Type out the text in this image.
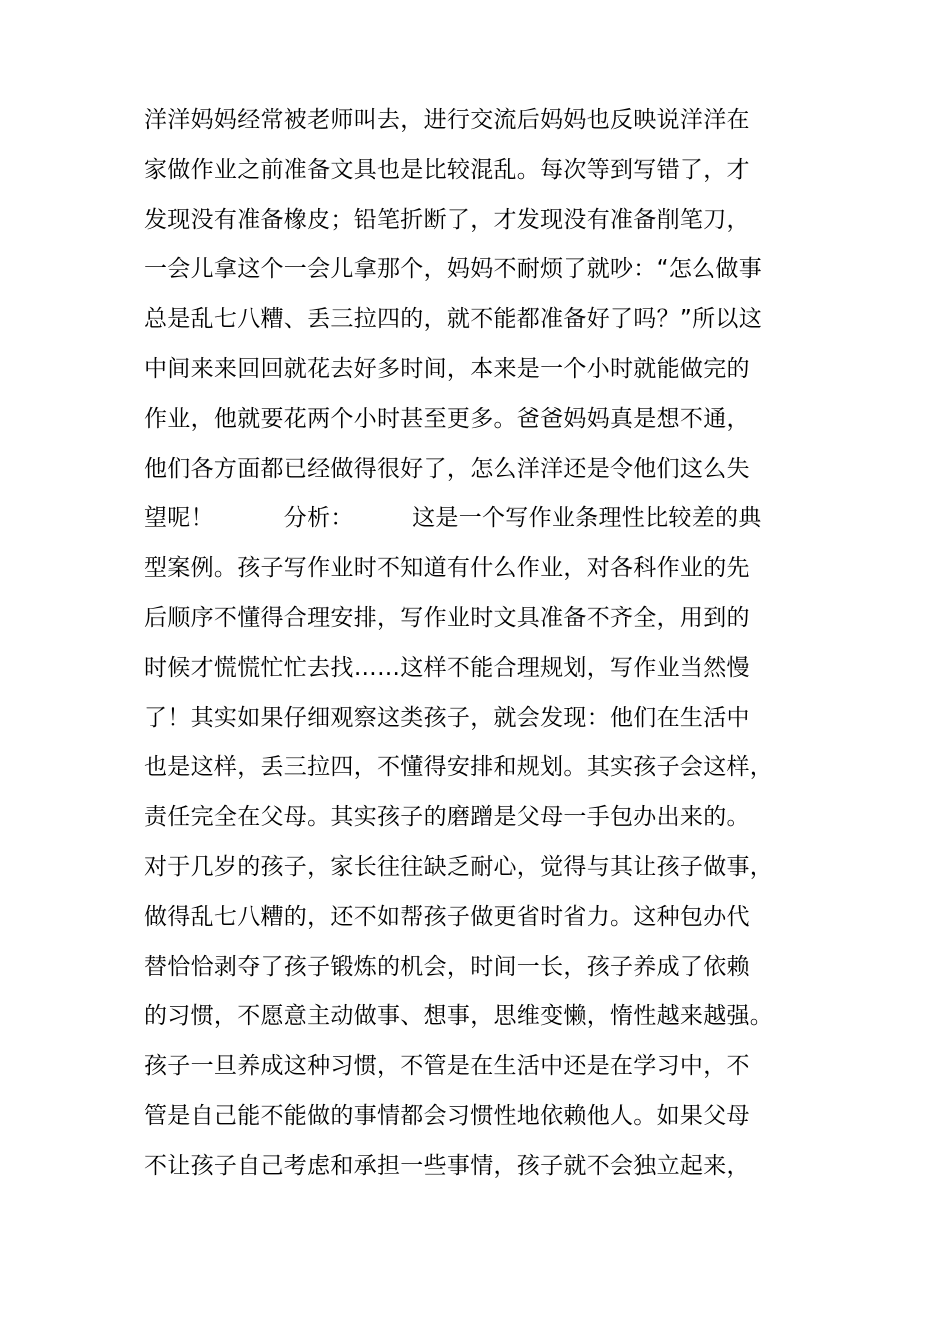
洋洋妈妈经常被老师叫去，进行交流后妈妈也反映说洋洋在
家做作业之前准备文具也是比较混乱。每次等到写错了，才
发现没有准备橡皮；铅笔折断了，才发现没有准备削笔刀，
一会儿拿这个一会儿拿那个，妈妈不耐烦了就吵：“怎么做事
总是乱七八糟、丢三拉四的，就不能都准备好了吗？”所以这
中间来来回回就花去好多时间，本来是一个小时就能做完的
作业，他就要花两个小时甚至更多。爸爸妈妈真是想不通，
他们各方面都已经做得很好了，怎么洋洋还是令他们这么失
望呢！　　　分析：　　　这是一个写作业条理性比较差的典
型案例。孩子写作业时不知道有什么作业，对各科作业的先
后顺序不懂得合理安排，写作业时文具准备不齐全，用到的
时候才慌慌忙忙去找……这样不能合理规划，写作业当然慢
了！其实如果仔细观察这类孩子，就会发现：他们在生活中
也是这样，丢三拉四，不懂得安排和规划。其实孩子会这样，
责任完全在父母。其实孩子的磨蹭是父母一手包办出来的。
对于几岁的孩子，家长往往缺乏耐心，觉得与其让孩子做事，
做得乱七八糟的，还不如帮孩子做更省时省力。这种包办代
替恰恰剥夺了孩子锻炼的机会，时间一长，孩子养成了依赖
的习惯，不愿意主动做事、想事，思维变懒，惰性越来越强。
孩子一旦养成这种习惯，不管是在生活中还是在学习中，不
管是自己能不能做的事情都会习惯性地依赖他人。如果父母
不让孩子自己考虑和承担一些事情，孩子就不会独立起来，
